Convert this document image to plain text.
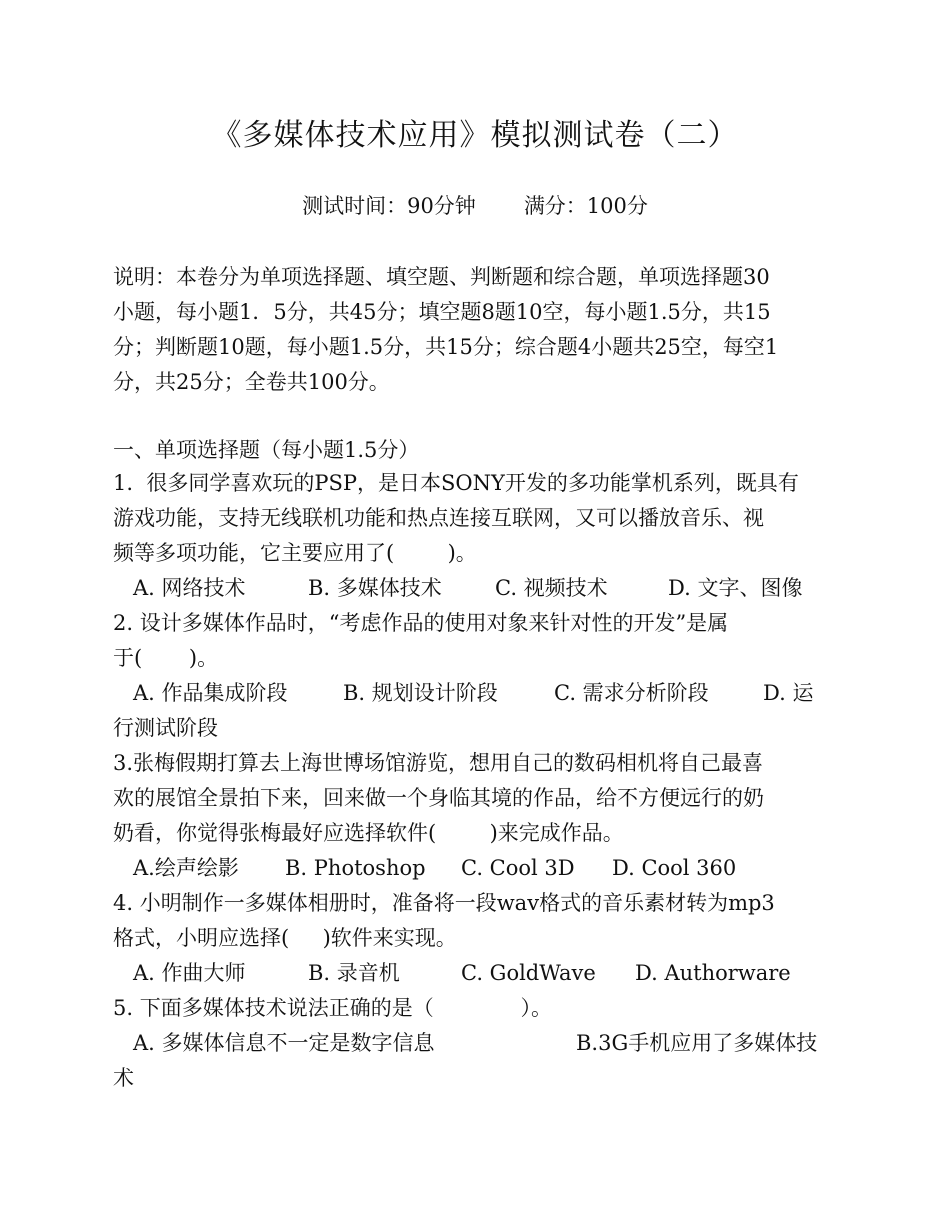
《多媒体技术应用》模拟测试卷（二）
测试时间：90分钟 满分：100分
说明：本卷分为单项选择题、填空题、判断题和综合题，单项选择题30
小题，每小题1．5分，共45分；填空题8题10空，每小题1.5分，共15
分；判断题10题，每小题1.5分，共15分；综合题4小题共25空，每空1
分，共25分；全卷共100分。
一、单项选择题（每小题1.5分）
1.  很多同学喜欢玩的PSP，是日本SONY开发的多功能掌机系列，既具有
游戏功能，支持无线联机功能和热点连接互联网，又可以播放音乐、视
频等多项功能，它主要应用了(        )。

A. 网络技术

	B. 多媒体技术

	C. 视频技术

	D. 文字、图像

2. 设计多媒体作品时，“考虑作品的使用对象来针对性的开发”是属
于(       )。

A. 作品集成阶段

	B. 规划设计阶段

	C. 需求分析阶段

	D. 运

行测试阶段
3.张梅假期打算去上海世博场馆游览，想用自己的数码相机将自己最喜
欢的展馆全景拍下来，回来做一个身临其境的作品，给不方便远行的奶
奶看，你觉得张梅最好应选择软件(        )来完成作品。

A.绘声绘影

B. Photoshop

C. Cool 3D

D. Cool 360

4. 小明制作一多媒体相册时，准备将一段wav格式的音乐素材转为mp3
格式，小明应选择(     )软件来实现。

A. 作曲大师

	B. 录音机

	C. GoldWave

D. Authorware

5. 下面多媒体技术说法正确的是（             ）。

A. 多媒体信息不一定是数字信息

	B.3G手机应用了多媒体技

术
